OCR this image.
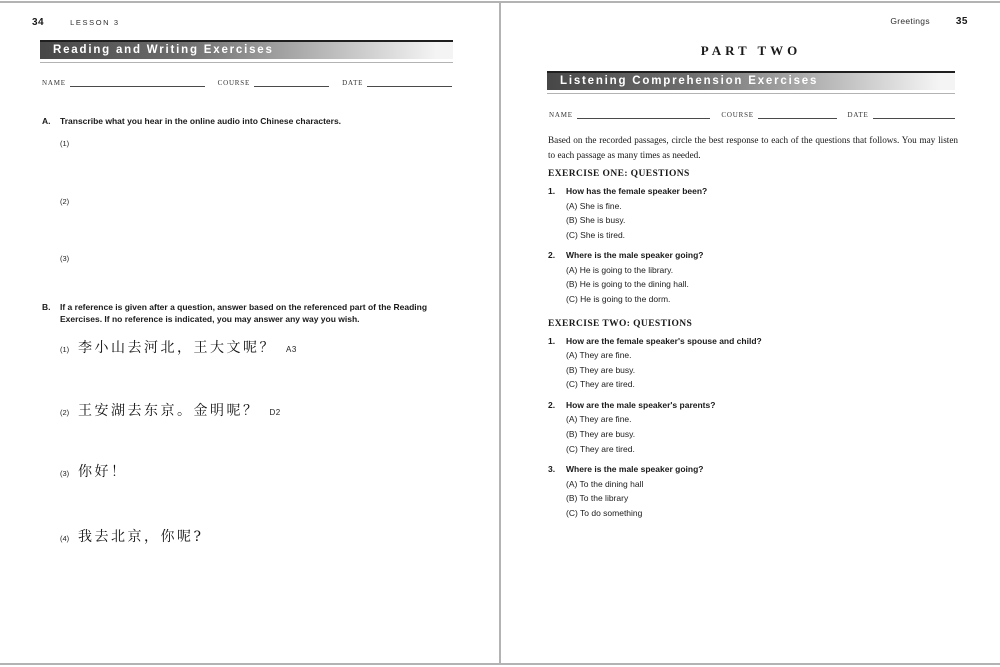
34	LESSON 3
Reading and Writing Exercises
NAME	COURSE	DATE
A.	Transcribe what you hear in the online audio into Chinese characters.
(1)
(2)
(3)
B.	If a reference is given after a question, answer based on the referenced part of the Reading Exercises. If no reference is indicated, you may answer any way you wish.
(1) 李小山去河北，王大文呢？ A3
(2) 王安湖去东京。金明呢？ D2
(3) 你好！
(4) 我去北京，你呢?
Greetings	35
PART TWO
Listening Comprehension Exercises
NAME	COURSE	DATE
Based on the recorded passages, circle the best response to each of the questions that follows. You may listen to each passage as many times as needed.
EXERCISE ONE: QUESTIONS
1.	How has the female speaker been?
(A) She is fine.
(B) She is busy.
(C) She is tired.
2.	Where is the male speaker going?
(A) He is going to the library.
(B) He is going to the dining hall.
(C) He is going to the dorm.
EXERCISE TWO: QUESTIONS
1.	How are the female speaker's spouse and child?
(A) They are fine.
(B) They are busy.
(C) They are tired.
2.	How are the male speaker's parents?
(A) They are fine.
(B) They are busy.
(C) They are tired.
3.	Where is the male speaker going?
(A) To the dining hall
(B) To the library
(C) To do something
